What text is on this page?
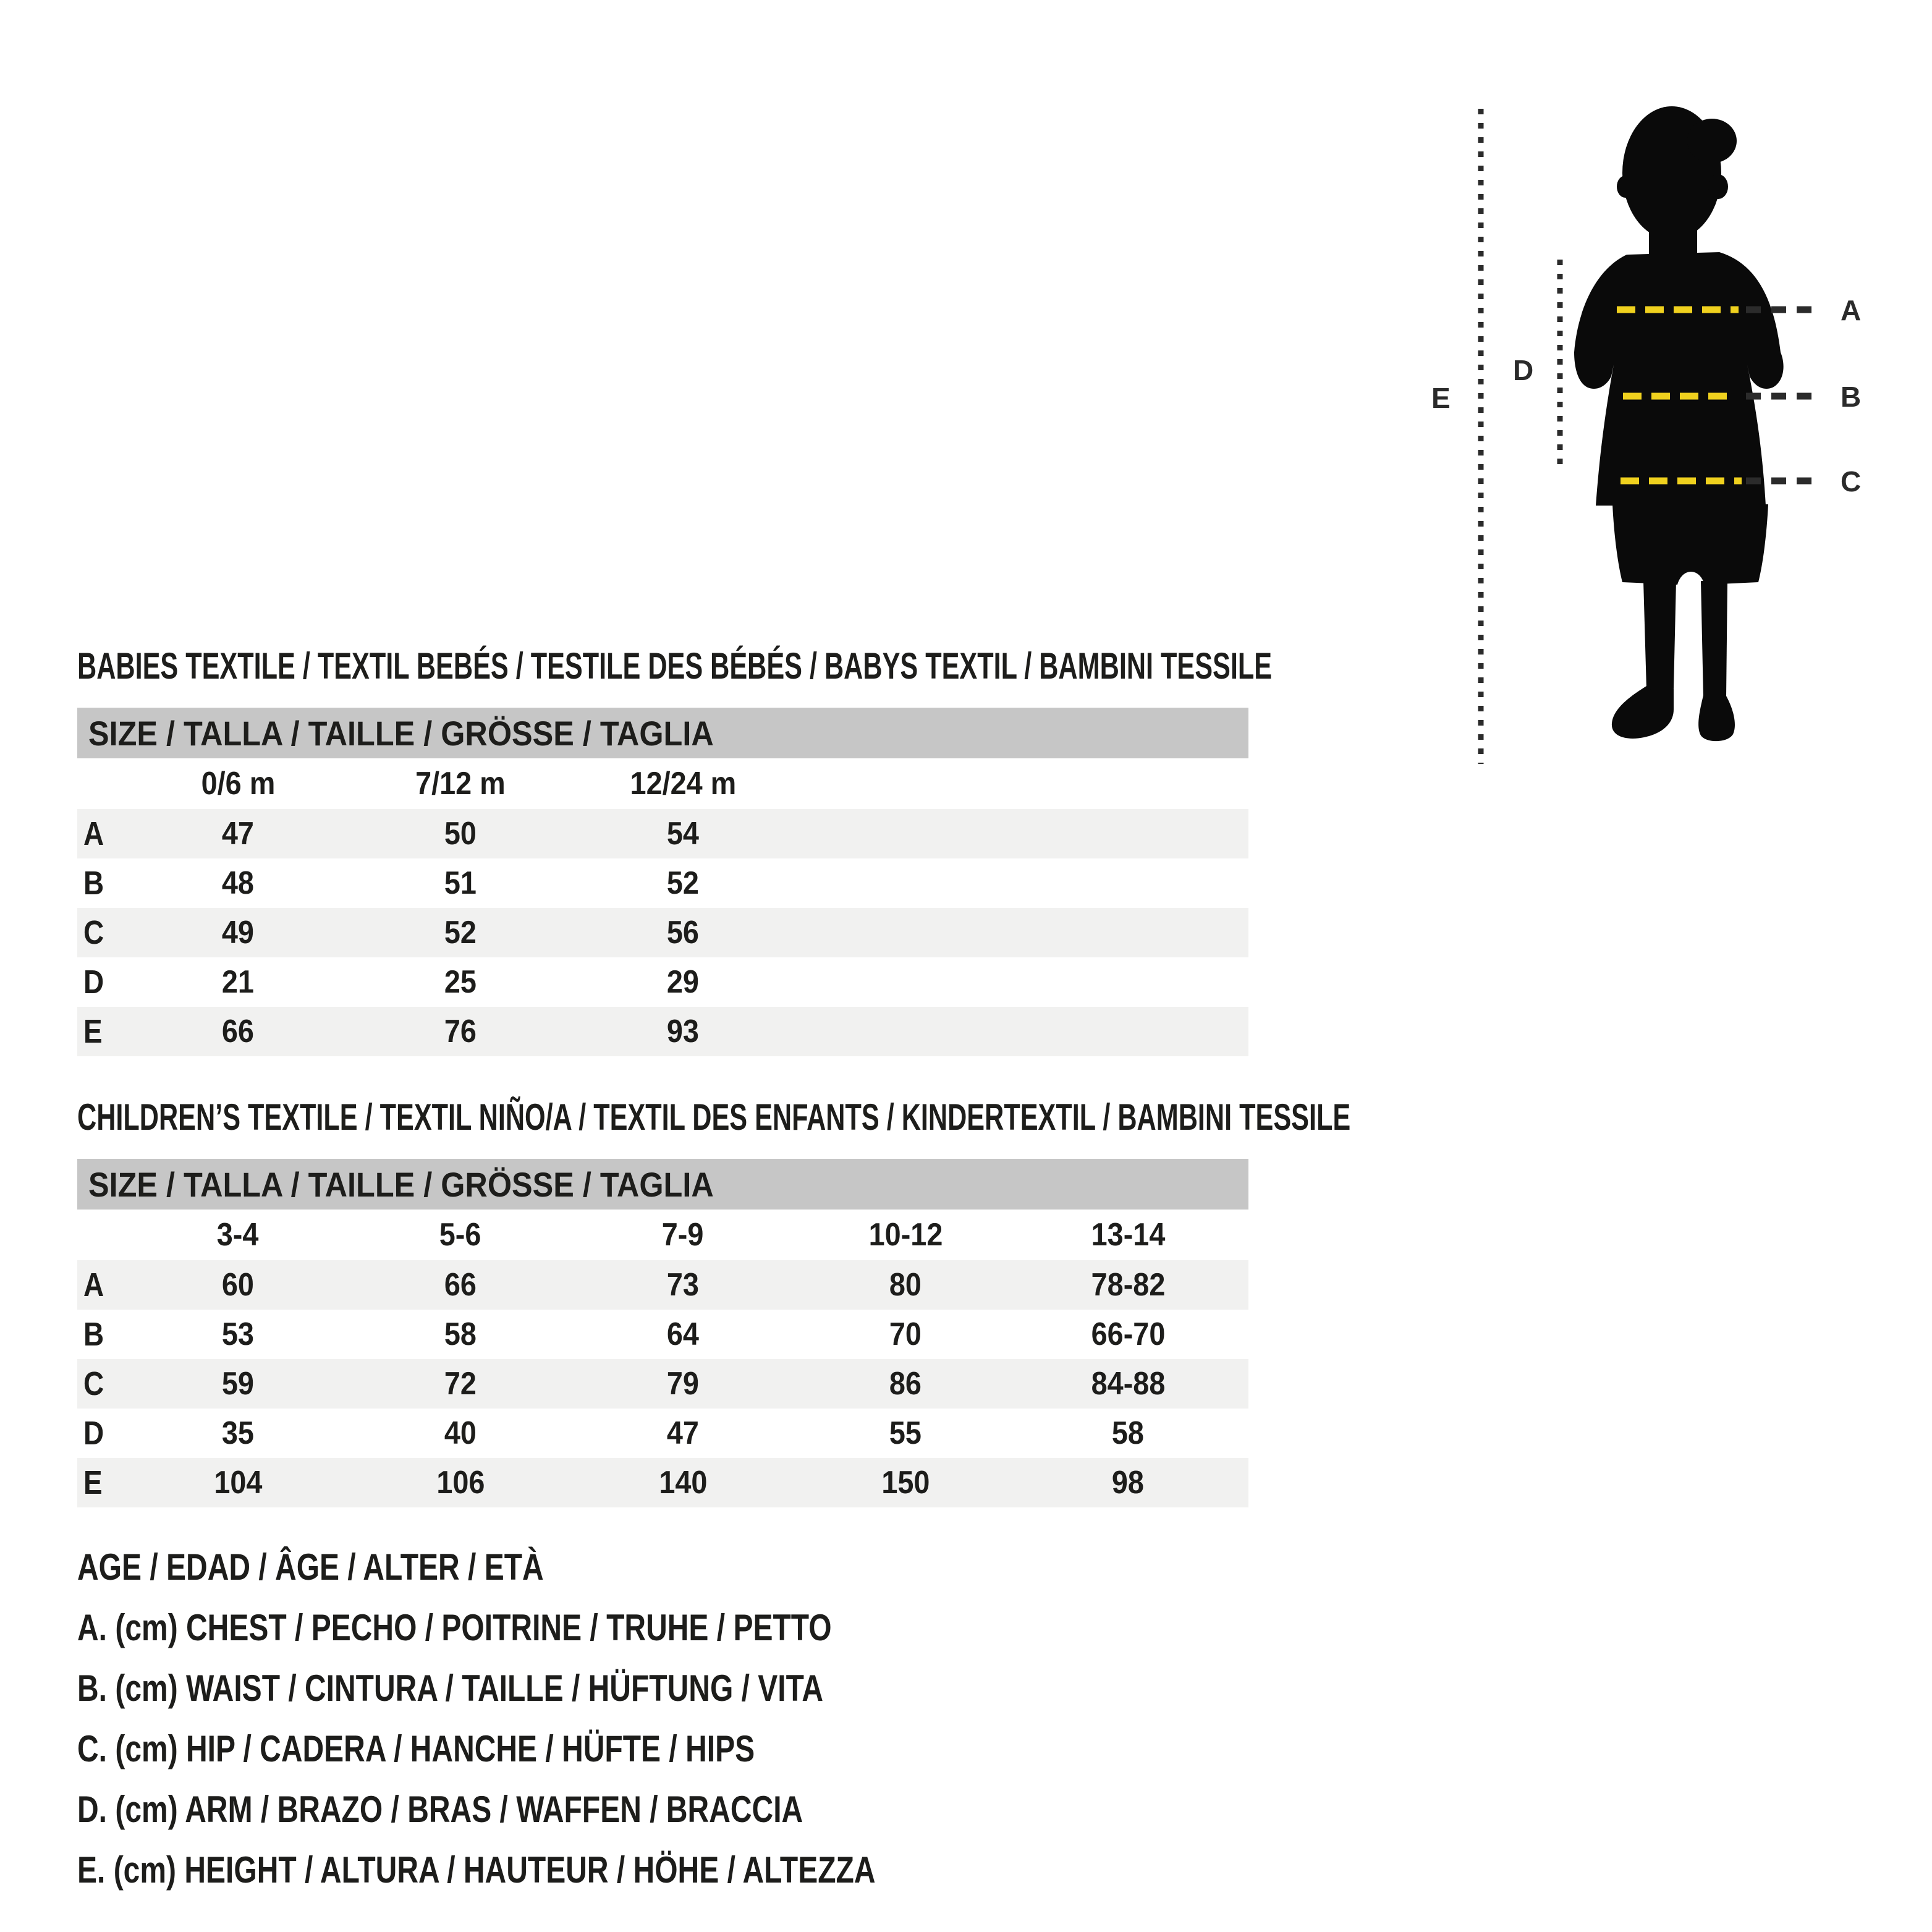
A
B
C
D
E
BABIES TEXTILE / TEXTIL BEBÉS / TESTILE DES BÉBÉS / BABYS TEXTIL / BAMBINI TESSILE
SIZE / TALLA / TAILLE / GRÖSSE / TAGLIA
0/6 m	7/12 m	12/24 m
A	47	50	54
B	48	51	52
C	49	52	56
D	21	25	29
E	66	76	93
CHILDREN’S TEXTILE / TEXTIL NIÑO/A / TEXTIL DES ENFANTS / KINDERTEXTIL / BAMBINI TESSILE
SIZE / TALLA / TAILLE / GRÖSSE / TAGLIA
3-4	5-6	7-9	10-12	13-14
A	60	66	73	80	78-82
B	53	58	64	70	66-70
C	59	72	79	86	84-88
D	35	40	47	55	58
E	104	106	140	150	98
AGE / EDAD / ÂGE / ALTER / ETÀ
A. (cm) CHEST / PECHO / POITRINE / TRUHE / PETTO
B. (cm) WAIST / CINTURA / TAILLE / HÜFTUNG / VITA
C. (cm) HIP / CADERA / HANCHE / HÜFTE / HIPS
D. (cm) ARM / BRAZO / BRAS / WAFFEN / BRACCIA
E. (cm) HEIGHT / ALTURA / HAUTEUR / HÖHE / ALTEZZA
